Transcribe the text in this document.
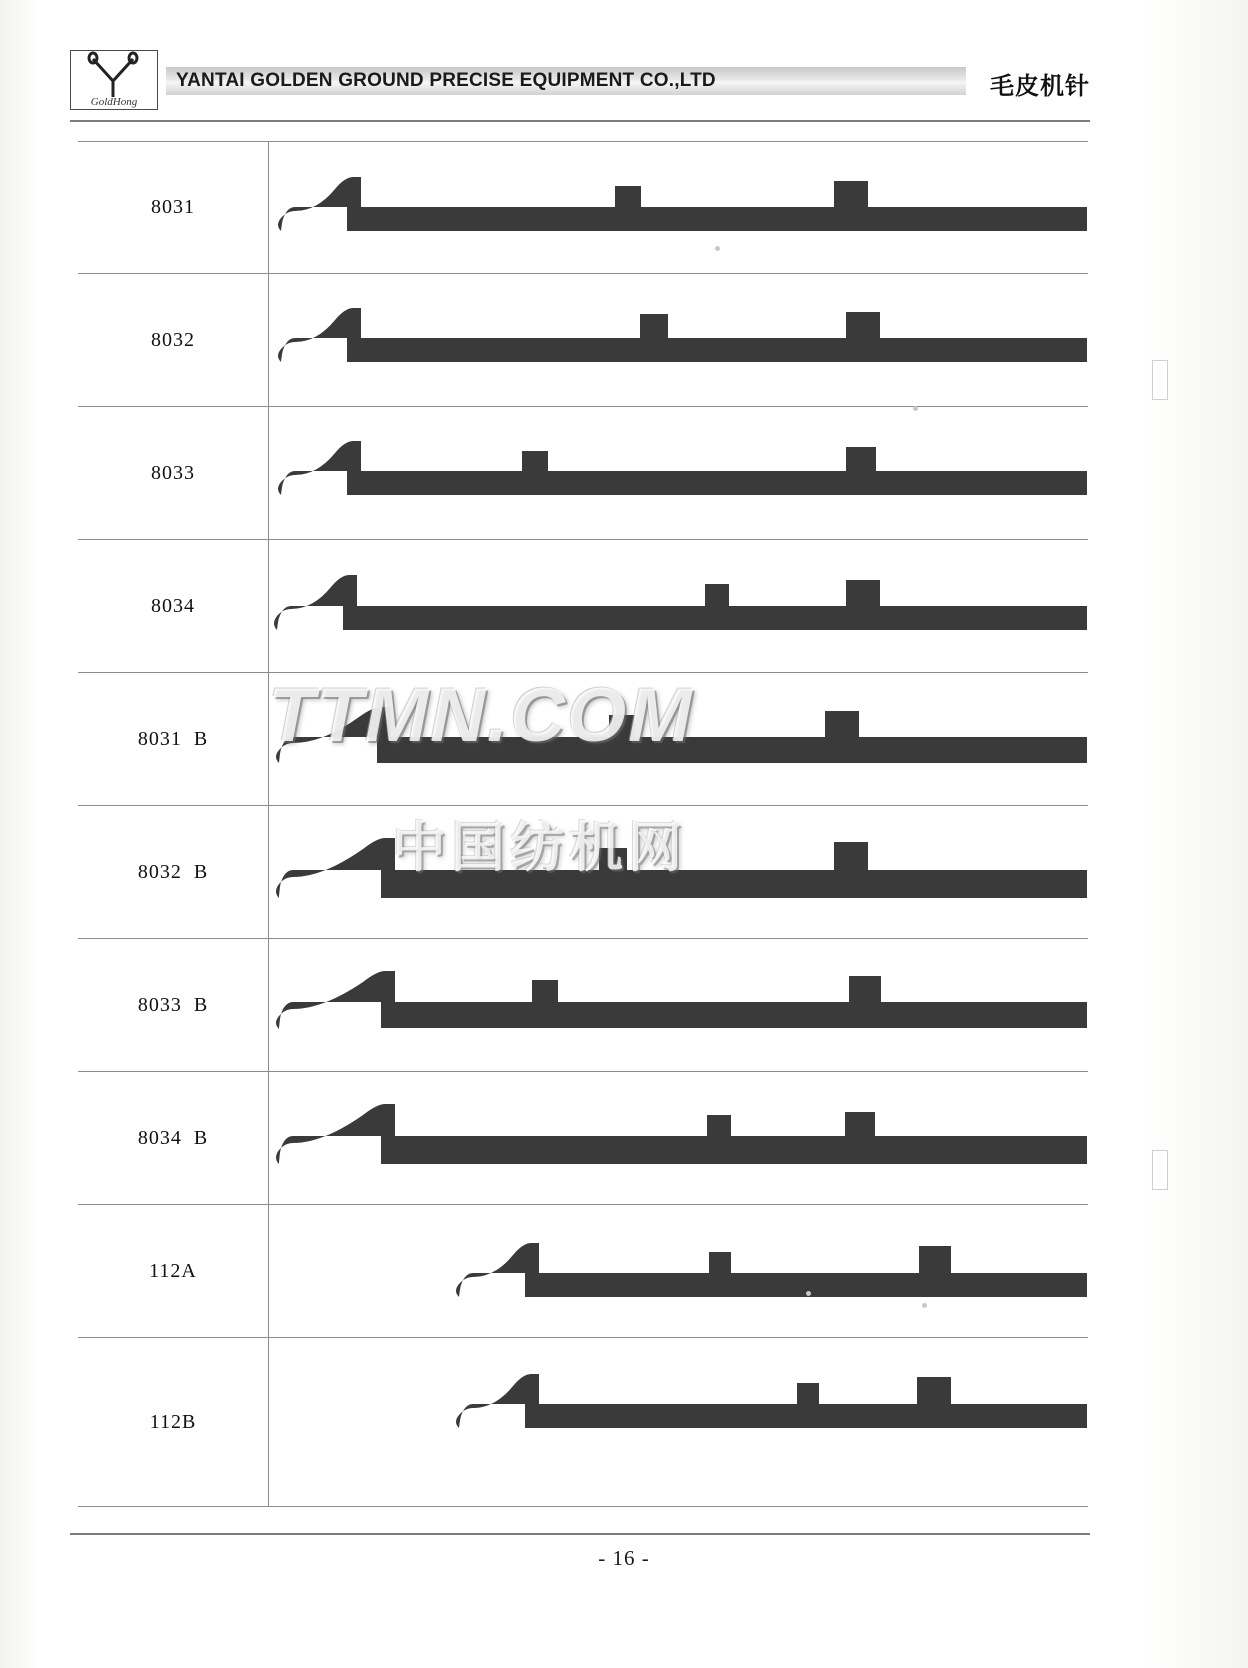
GoldHong
YANTAI GOLDEN GROUND PRECISE EQUIPMENT CO.,LTD	毛皮机针
8031
8032
8033
8034
8031  B
8032  B
8033  B
8034  B
112A
112B
TTMN.COM
中国纺机网
- 16 -
